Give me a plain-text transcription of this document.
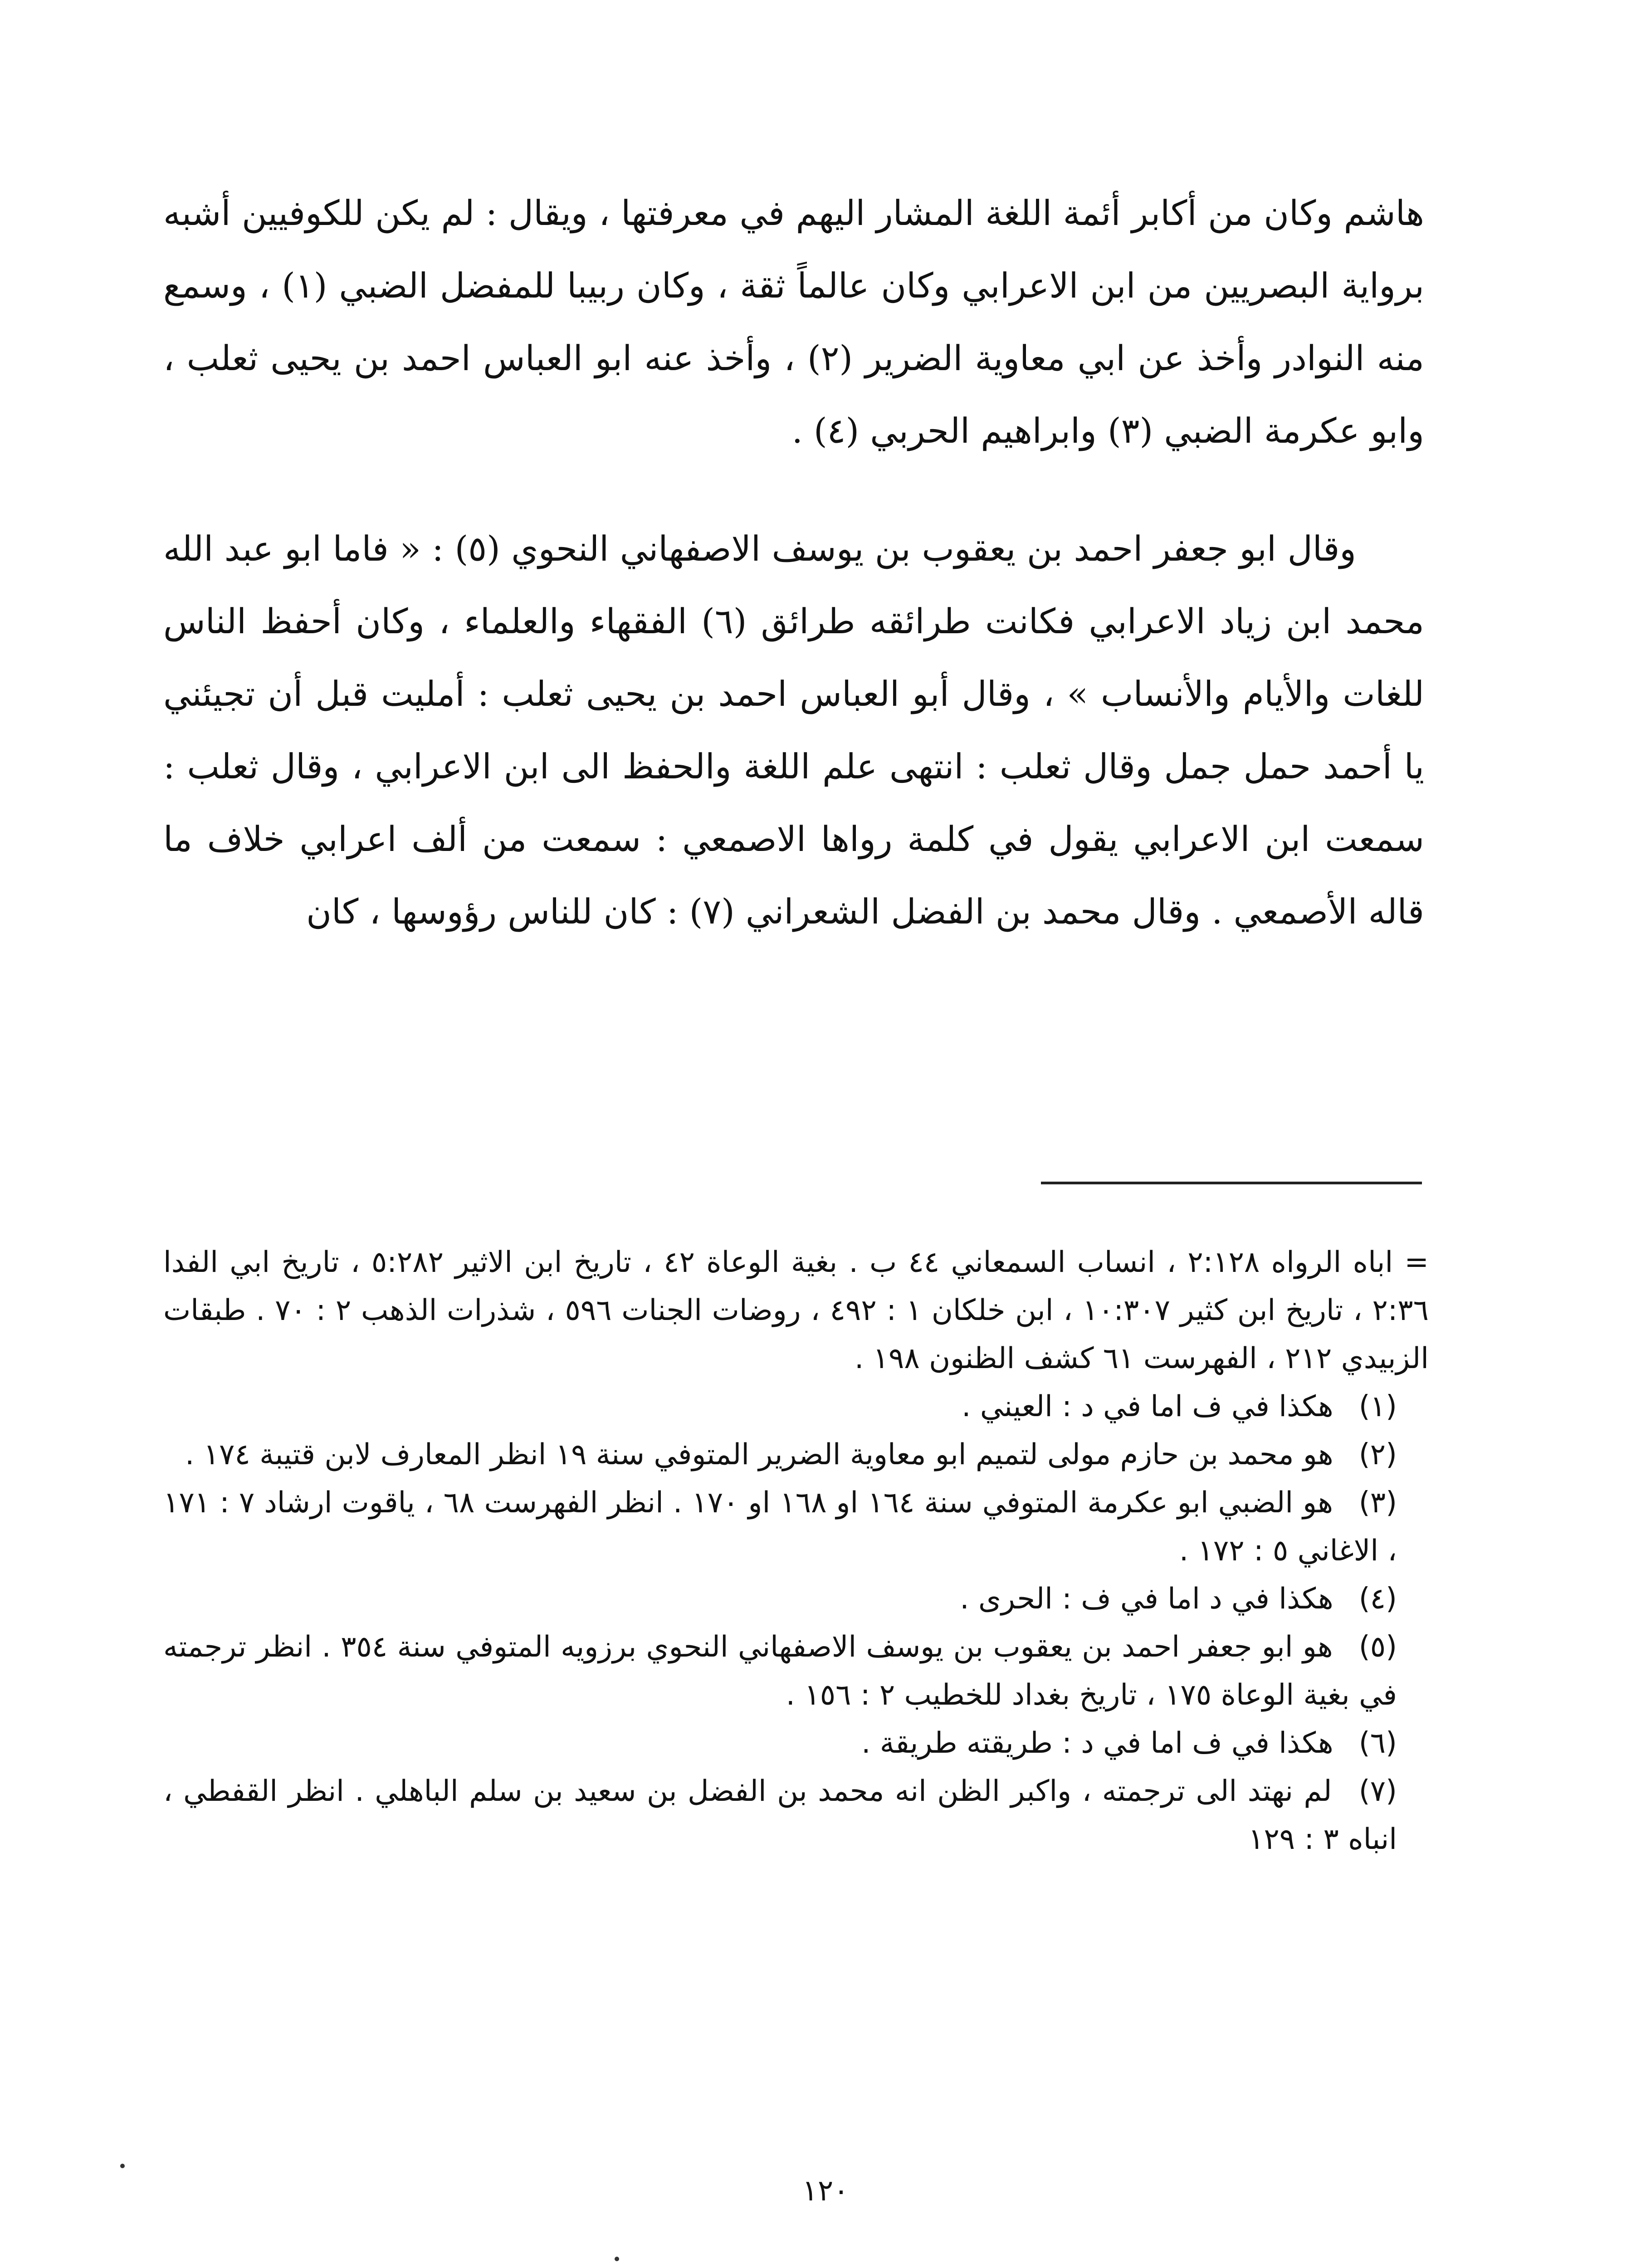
هاشم وكان من أكابر أئمة اللغة المشار اليهم في معرفتها ، ويقال : لم يكن للكوفيين أشبه برواية البصريين من ابن الاعرابي وكان عالماً ثقة ، وكان ربيبا للمفضل الضبي (١) ، وسمع منه النوادر وأخذ عن ابي معاوية الضرير (٢) ، وأخذ عنه ابو العباس احمد بن يحيى ثعلب ، وابو عكرمة الضبي (٣) وابراهيم الحربي (٤) .

وقال ابو جعفر احمد بن يعقوب بن يوسف الاصفهاني النحوي (٥) : « فاما ابو عبد الله محمد ابن زياد الاعرابي فكانت طرائقه طرائق (٦) الفقهاء والعلماء ، وكان أحفظ الناس للغات والأيام والأنساب » ، وقال أبو العباس احمد بن يحيى ثعلب : أمليت قبل أن تجيئني يا أحمد حمل جمل وقال ثعلب : انتهى علم اللغة والحفظ الى ابن الاعرابي ، وقال ثعلب : سمعت ابن الاعرابي يقول في كلمة رواها الاصمعي : سمعت من ألف اعرابي خلاف ما قاله الأصمعي . وقال محمد بن الفضل الشعراني (٧) : كان للناس رؤوسها ، كان

= اباه الرواه ٢:١٢٨ ، انساب السمعاني ٤٤ ب . بغية الوعاة ٤٢ ، تاريخ ابن الاثير ٥:٢٨٢ ، تاريخ ابي الفدا ٢:٣٦ ، تاريخ ابن كثير ١٠:٣٠٧ ، ابن خلكان ١ : ٤٩٢ ، روضات الجنات ٥٩٦ ، شذرات الذهب ٢ : ٧٠ . طبقات الزبيدي ٢١٢ ، الفهرست ٦١ كشف الظنون ١٩٨ .

(١) هكذا في ف اما في د : العيني .

(٢) هو محمد بن حازم مولى لتميم ابو معاوية الضرير المتوفي سنة ١٩ انظر المعارف لابن قتيبة ١٧٤ .

(٣) هو الضبي ابو عكرمة المتوفي سنة ١٦٤ او ١٦٨ او ١٧٠ . انظر الفهرست ٦٨ ، ياقوت ارشاد ٧ : ١٧١ ، الاغاني ٥ : ١٧٢ .

(٤) هكذا في د اما في ف : الحرى .

(٥) هو ابو جعفر احمد بن يعقوب بن يوسف الاصفهاني النحوي برزويه المتوفي سنة ٣٥٤ . انظر ترجمته في بغية الوعاة ١٧٥ ، تاريخ بغداد للخطيب ٢ : ١٥٦ .

(٦) هكذا في ف اما في د : طريقته طريقة .

(٧) لم نهتد الى ترجمته ، واكبر الظن انه محمد بن الفضل بن سعيد بن سلم الباهلي . انظر القفطي ، انباه ٣ : ١٢٩

١٢٠
